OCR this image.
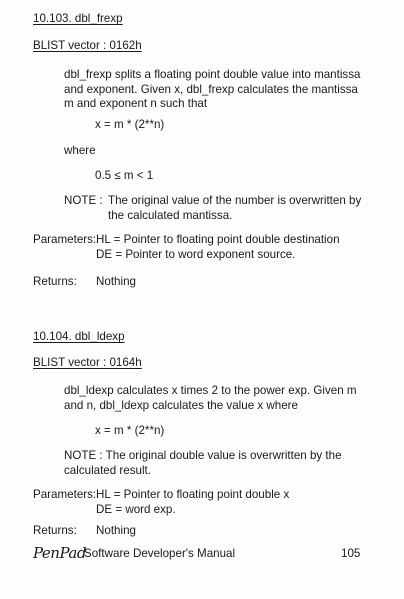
10.103. dbl_frexp
BLIST vector : 0162h
dbl_frexp splits a floating point double value into mantissa and exponent. Given x, dbl_frexp calculates the mantissa m and exponent n such that
x = m * (2**n)
where
0.5 ≤ m < 1
NOTE : The original value of the number is overwritten by the calculated mantissa.
Parameters: HL = Pointer to floating point double destination
DE = Pointer to word exponent source.
Returns: Nothing
10.104. dbl_ldexp
BLIST vector : 0164h
dbl_ldexp calculates x times 2 to the power exp. Given m and n, dbl_ldexp calculates the value x where
x = m * (2**n)
NOTE : The original double value is overwritten by the calculated result.
Parameters: HL = Pointer to floating point double x
DE = word exp.
Returns: Nothing
PenPad
Software Developer's Manual	105
